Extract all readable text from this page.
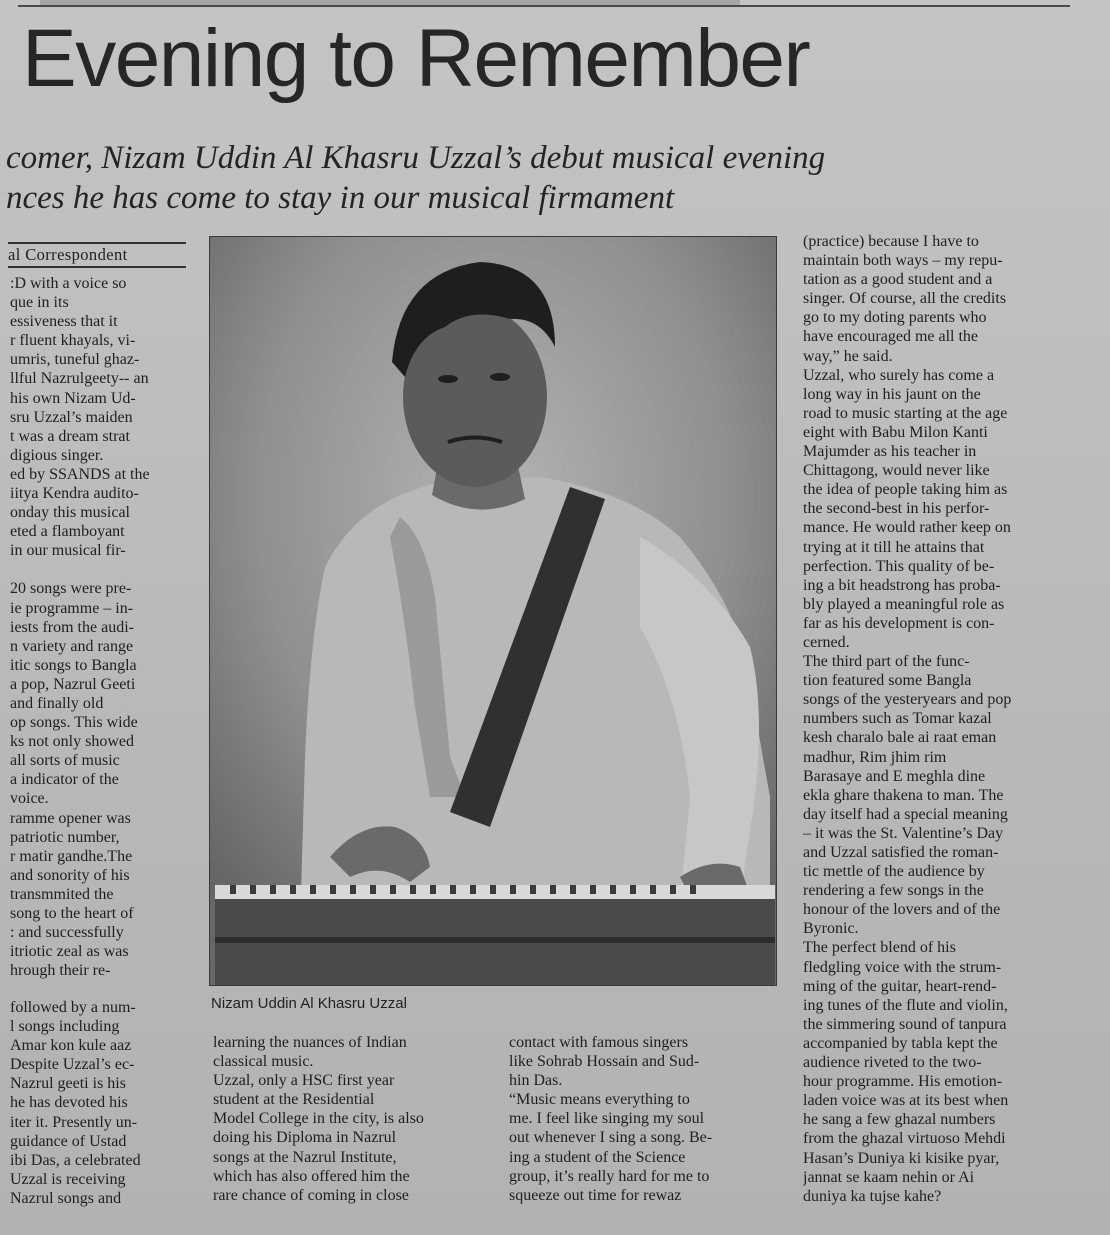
Evening to Remember
comer, Nizam Uddin Al Khasru Uzzal’s debut musical evening
nces he has come to stay in our musical firmament
al Correspondent
:D with a voice so
que in its
essiveness that it
r fluent khayals, vi-
umris, tuneful ghaz-
llful Nazrulgeety-- an
his own Nizam Ud-
sru Uzzal’s maiden
t was a dream strat
digious singer.
ed by SSANDS at the
iitya Kendra audito-
onday this musical
eted a flamboyant
in our musical fir-
20 songs were pre-
ie programme – in-
iests from the audi-
n variety and range
itic songs to Bangla
a pop, Nazrul Geeti
and finally old
op songs. This wide
ks not only showed
all sorts of music
a indicator of the
voice.
ramme opener was
patriotic number,
r matir gandhe.The
and sonority of his
transmmited the
song to the heart of
: and successfully
itriotic zeal as was
hrough their re-
followed by a num-
l songs including
Amar kon kule aaz
Despite Uzzal’s ec-
Nazrul geeti is his
he has devoted his
iter it. Presently un-
guidance of Ustad
ibi Das, a celebrated
Uzzal is receiving
Nazrul songs and
Nizam Uddin Al Khasru Uzzal
learning the nuances of Indian
classical music.
Uzzal, only a HSC first year
student at the Residential
Model College in the city, is also
doing his Diploma in Nazrul
songs at the Nazrul Institute,
which has also offered him the
rare chance of coming in close
contact with famous singers
like Sohrab Hossain and Sud-
hin Das.
“Music means everything to
me. I feel like singing my soul
out whenever I sing a song. Be-
ing a student of the Science
group, it’s really hard for me to
squeeze out time for rewaz
(practice) because I have to
maintain both ways – my repu-
tation as a good student and a
singer. Of course, all the credits
go to my doting parents who
have encouraged me all the
way,” he said.
Uzzal, who surely has come a
long way in his jaunt on the
road to music starting at the age
eight with Babu Milon Kanti
Majumder as his teacher in
Chittagong, would never like
the idea of people taking him as
the second-best in his perfor-
mance. He would rather keep on
trying at it till he attains that
perfection. This quality of be-
ing a bit headstrong has proba-
bly played a meaningful role as
far as his development is con-
cerned.
The third part of the func-
tion featured some Bangla
songs of the yesteryears and pop
numbers such as Tomar kazal
kesh charalo bale ai raat eman
madhur, Rim jhim rim
Barasaye and E meghla dine
ekla ghare thakena to man. The
day itself had a special meaning
– it was the St. Valentine’s Day
and Uzzal satisfied the roman-
tic mettle of the audience by
rendering a few songs in the
honour of the lovers and of the
Byronic.
The perfect blend of his
fledgling voice with the strum-
ming of the guitar, heart-rend-
ing tunes of the flute and violin,
the simmering sound of tanpura
accompanied by tabla kept the
audience riveted to the two-
hour programme. His emotion-
laden voice was at its best when
he sang a few ghazal numbers
from the ghazal virtuoso Mehdi
Hasan’s Duniya ki kisike pyar,
jannat se kaam nehin or Ai
duniya ka tujse kahe?
